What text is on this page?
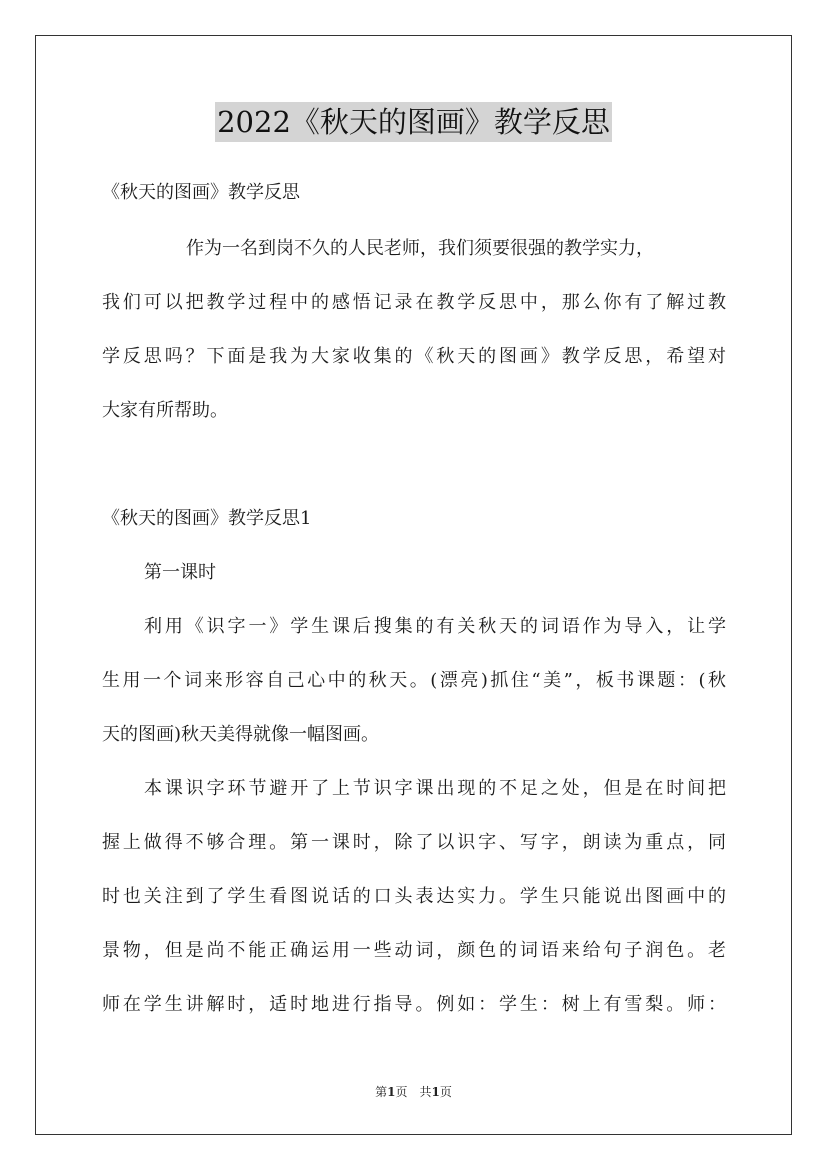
2022《秋天的图画》教学反思
《秋天的图画》教学反思
作为一名到岗不久的人民老师，我们须要很强的教学实力，
我们可以把教学过程中的感悟记录在教学反思中，那么你有了解过教
学反思吗？下面是我为大家收集的《秋天的图画》教学反思，希望对
大家有所帮助。
《秋天的图画》教学反思1
第一课时
利用《识字一》学生课后搜集的有关秋天的词语作为导入，让学
生用一个词来形容自己心中的秋天。(漂亮)抓住“美”，板书课题：(秋
天的图画)秋天美得就像一幅图画。
本课识字环节避开了上节识字课出现的不足之处，但是在时间把
握上做得不够合理。第一课时，除了以识字、写字，朗读为重点，同
时也关注到了学生看图说话的口头表达实力。学生只能说出图画中的
景物，但是尚不能正确运用一些动词，颜色的词语来给句子润色。老
师在学生讲解时，适时地进行指导。例如：学生：树上有雪梨。师：
第1页　共1页
